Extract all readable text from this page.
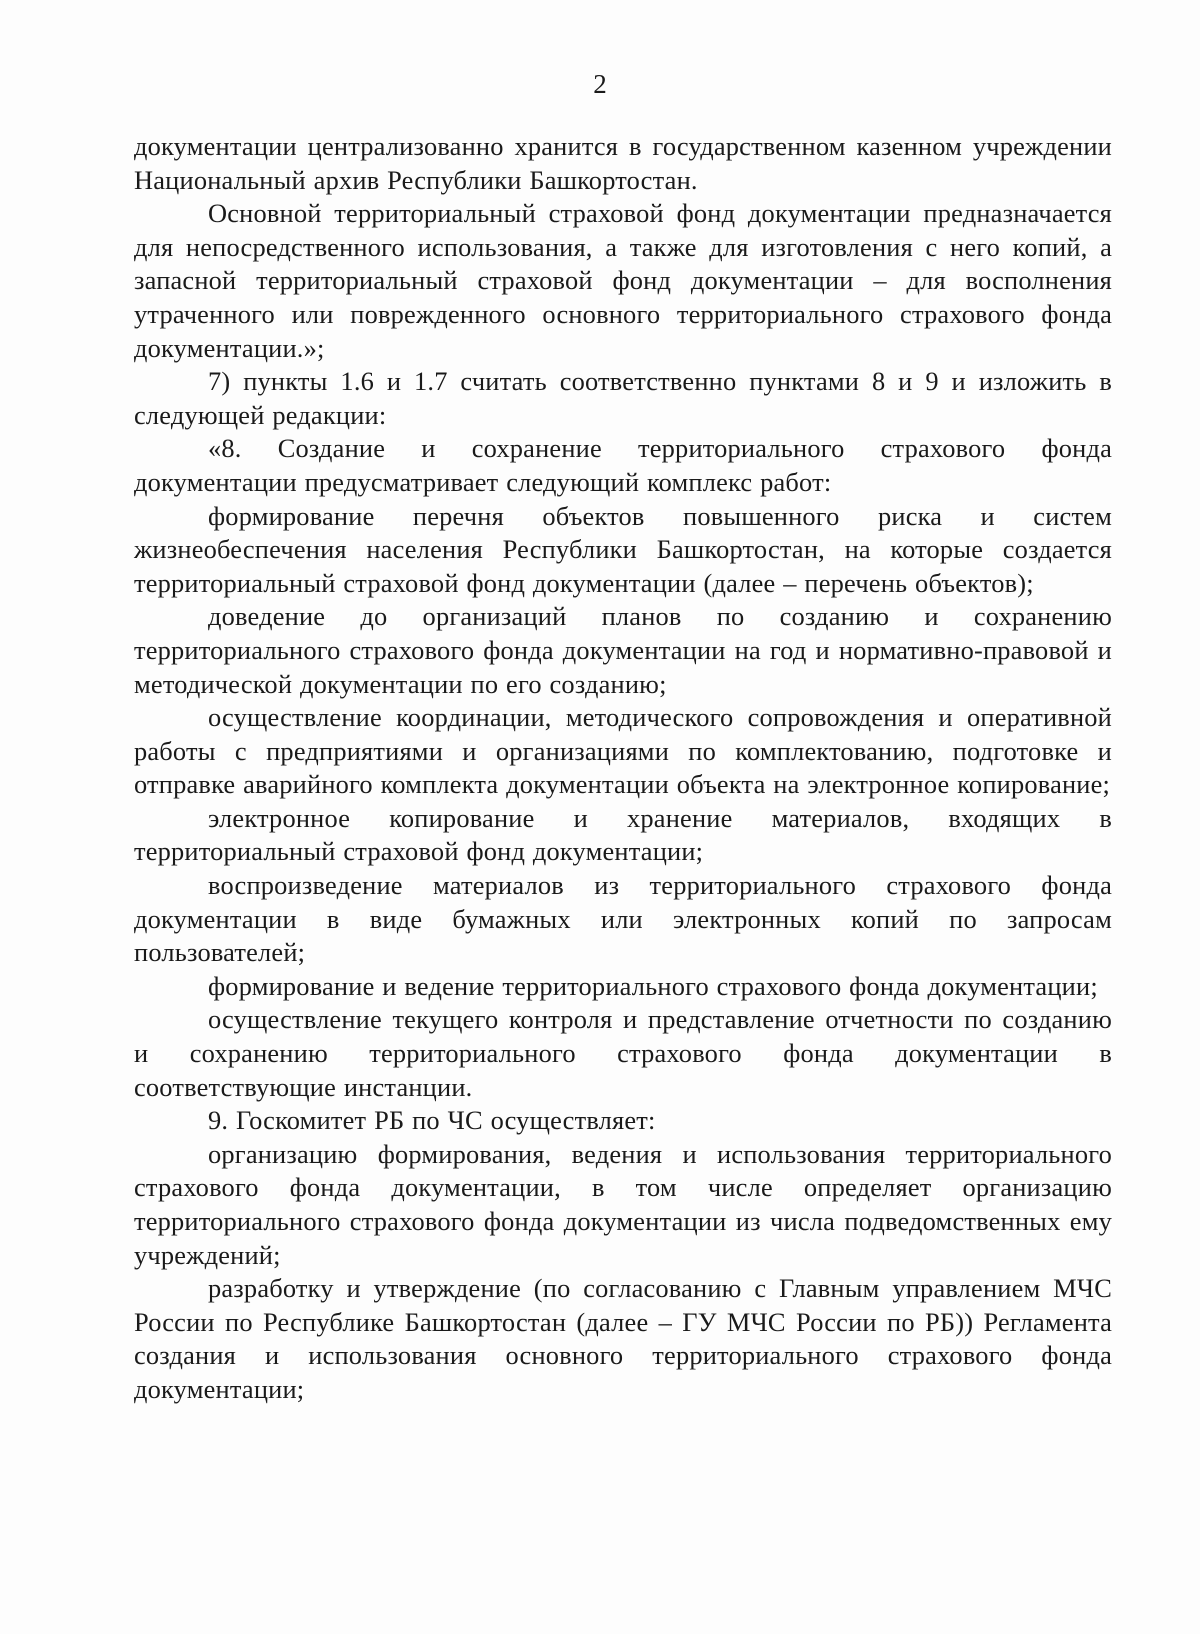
2

документации централизованно хранится в государственном казенном учреждении Национальный архив Республики Башкортостан.

Основной территориальный страховой фонд документации предназначается для непосредственного использования, а также для изготовления с него копий, а запасной территориальный страховой фонд документации – для восполнения утраченного или поврежденного основного территориального страхового фонда документации.»;

7) пункты 1.6 и 1.7 считать соответственно пунктами 8 и 9 и изложить в следующей редакции:

«8. Создание и сохранение территориального страхового фонда документации предусматривает следующий комплекс работ:

формирование перечня объектов повышенного риска и систем жизнеобеспечения населения Республики Башкортостан, на которые создается территориальный страховой фонд документации (далее – перечень объектов);

доведение до организаций планов по созданию и сохранению территориального страхового фонда документации на год и нормативно-правовой и методической документации по его созданию;

осуществление координации, методического сопровождения и оперативной работы с предприятиями и организациями по комплектованию, подготовке и отправке аварийного комплекта документации объекта на электронное копирование;

электронное копирование и хранение материалов, входящих в территориальный страховой фонд документации;

воспроизведение материалов из территориального страхового фонда документации в виде бумажных или электронных копий по запросам пользователей;

формирование и ведение территориального страхового фонда документации;

осуществление текущего контроля и представление отчетности по созданию и сохранению территориального страхового фонда документации в соответствующие инстанции.

9. Госкомитет РБ по ЧС осуществляет:

организацию формирования, ведения и использования территориального страхового фонда документации, в том числе определяет организацию территориального страхового фонда документации из числа подведомственных ему учреждений;

разработку и утверждение (по согласованию с Главным управлением МЧС России по Республике Башкортостан (далее – ГУ МЧС России по РБ)) Регламента создания и использования основного территориального страхового фонда документации;
